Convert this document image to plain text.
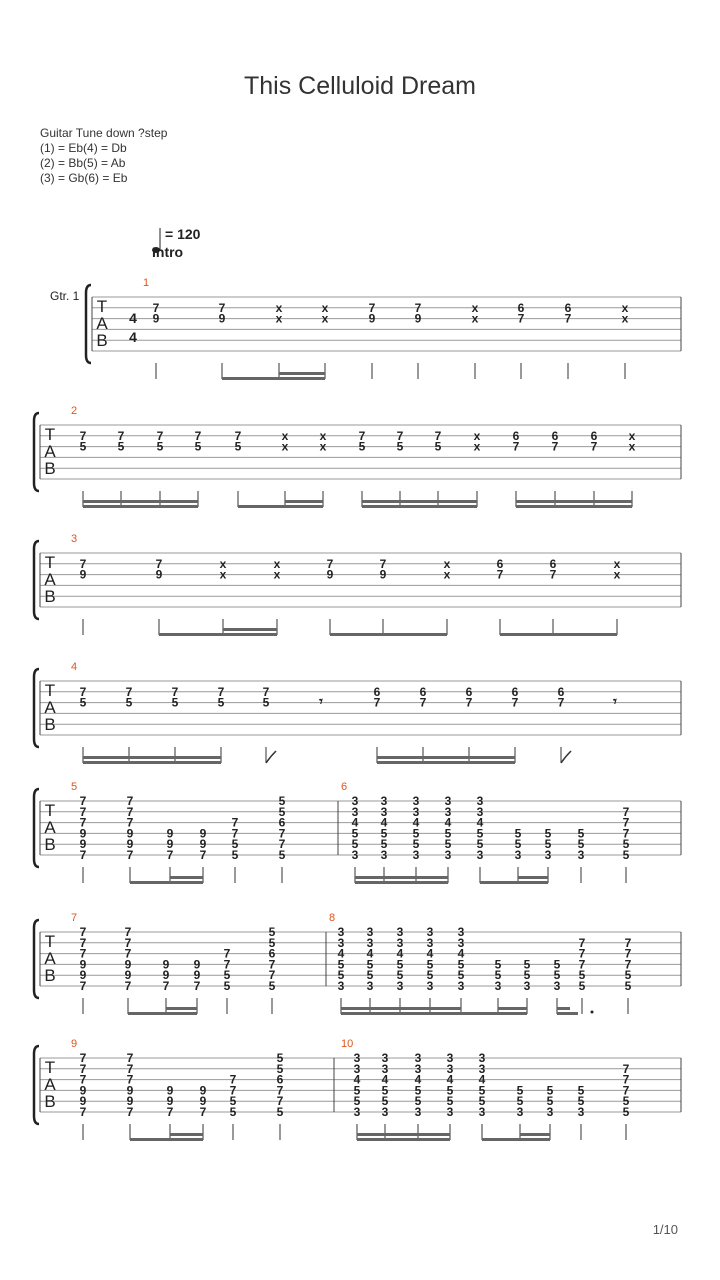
This Celluloid Dream
Guitar Tune down ?step
(1) = Eb(4) = Db
(2) = Bb(5) = Ab
(3) = Gb(6) = Eb
T
A
B
T
A
B
T
A
B
T
A
B
T
A
B
T
A
B
T
A
B
4
4
Gtr. 1
= 120
Intro
1
7
9
7
9
x
x
x
x
7
9
7
9
x
x
6
7
6
7
x
x
2
7
5
7
5
7
5
7
5
7
5
x
x
x
x
7
5
7
5
7
5
x
x
6
7
6
7
6
7
x
x
3
7
9
7
9
x
x
x
x
7
9
7
9
x
x
6
7
6
7
x
x
4
7
5
7
5
7
5
7
5
7
5
6
7
6
7
6
7
6
7
6
7
𝄾	𝄾
5
7
7
7
9
9
7
7
7
7
9
9
7
9
9
7
9
9
7
7
7
5
5
5
5
6
7
7
5
6
3
3
4
5
5
3
3
3
4
5
5
3
3
3
4
5
5
3
3
3
4
5
5
3
3
3
4
5
5
3
5
5
3
5
5
3
5
5
3
7
7
7
5
5
7
7
7
7
9
9
7
7
7
7
9
9
7
9
9
7
9
9
7
7
7
5
5
5
5
6
7
7
5
8
3
3
4
5
5
3
3
3
4
5
5
3
3
3
4
5
5
3
3
3
4
5
5
3
3
3
4
5
5
3
5
5
3
5
5
3
5
5
3
7
7
7
5
5
7
7
7
5
5
9
7
7
7
9
9
7
7
7
7
9
9
7
9
9
7
9
9
7
7
7
5
5
5
5
6
7
7
5
10
3
3
4
5
5
3
3
3
4
5
5
3
3
3
4
5
5
3
3
3
4
5
5
3
3
3
4
5
5
3
5
5
3
5
5
3
5
5
3
7
7
7
5
5
1/10
